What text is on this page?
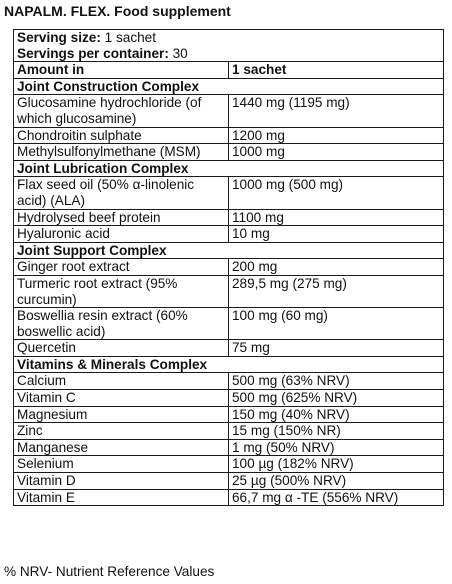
NAPALM. FLEX. Food supplement
Serving size: 1 sachet
Servings per container: 30	

Amount in	1 sachet
Joint Construction Complex	
Glucosamine hydrochloride (of which glucosamine)	1440 mg (1195 mg)
Chondroitin sulphate	1200 mg
Methylsulfonylmethane (MSM)	1000 mg
Joint Lubrication Complex	
Flax seed oil (50% α-linolenic acid) (ALA)	1000 mg (500 mg)
Hydrolysed beef protein	1100 mg
Hyaluronic acid	10 mg
Joint Support Complex	
Ginger root extract	200 mg
Turmeric root extract (95% curcumin)	289,5 mg (275 mg)
Boswellia resin extract (60% boswellic acid)	100 mg (60 mg)
Quercetin	75 mg
Vitamins & Minerals Complex	
Calcium	500 mg (63% NRV)
Vitamin C	500 mg (625% NRV)
Magnesium	150 mg (40% NRV)
Zinc	15 mg (150% NR)
Manganese	1 mg (50% NRV)
Selenium	100 µg (182% NRV)
Vitamin D	25 µg (500% NRV)
Vitamin E	66,7 mg α -TE (556% NRV)
% NRV- Nutrient Reference Values
